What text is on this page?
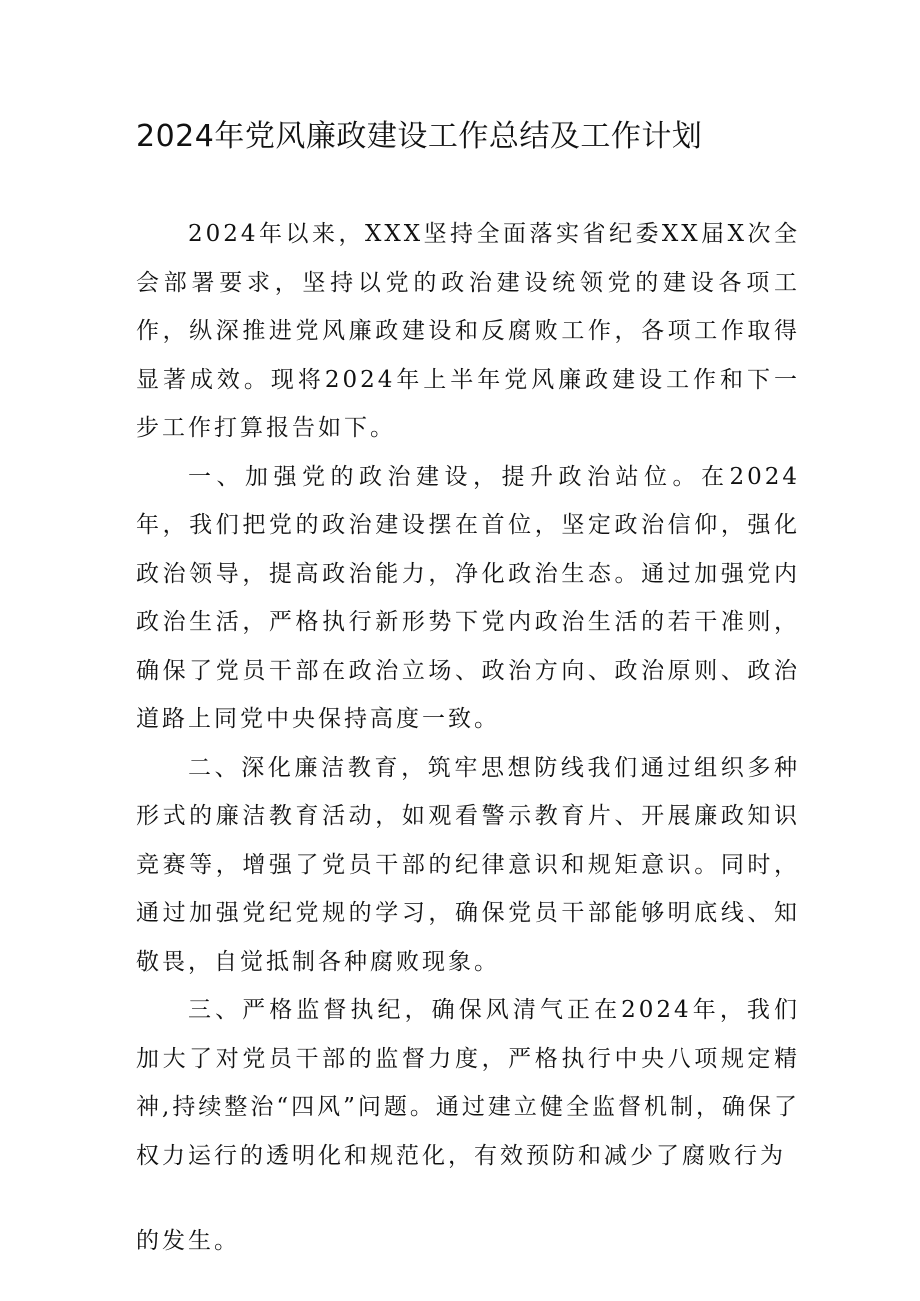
2024年党风廉政建设工作总结及工作计划

2024年以来，XXX坚持全面落实省纪委XX届X次全会部署要求，坚持以党的政治建设统领党的建设各项工作，纵深推进党风廉政建设和反腐败工作，各项工作取得显著成效。现将2024年上半年党风廉政建设工作和下一步工作打算报告如下。

一、加强党的政治建设，提升政治站位。在2024年，我们把党的政治建设摆在首位，坚定政治信仰，强化政治领导，提高政治能力，净化政治生态。通过加强党内政治生活，严格执行新形势下党内政治生活的若干准则，确保了党员干部在政治立场、政治方向、政治原则、政治道路上同党中央保持高度一致。

二、深化廉洁教育，筑牢思想防线我们通过组织多种形式的廉洁教育活动，如观看警示教育片、开展廉政知识竞赛等，增强了党员干部的纪律意识和规矩意识。同时，通过加强党纪党规的学习，确保党员干部能够明底线、知敬畏，自觉抵制各种腐败现象。

三、严格监督执纪，确保风清气正在2024年，我们加大了对党员干部的监督力度，严格执行中央八项规定精神,持续整治“四风”问题。通过建立健全监督机制，确保了权力运行的透明化和规范化，有效预防和减少了腐败行为

的发生。
